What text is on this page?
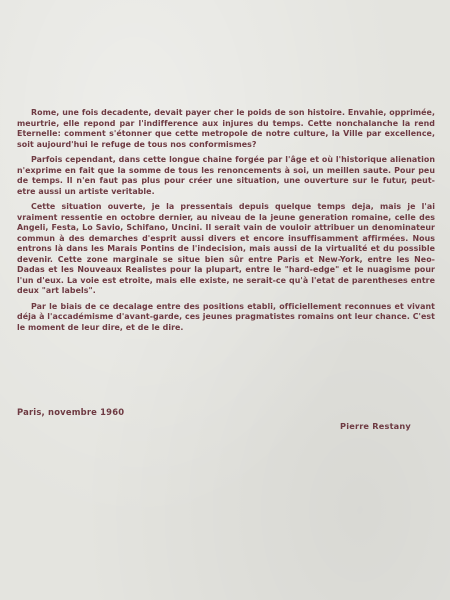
Rome, une fois decadente, devait payer cher le poids de son histoire. Envahie, opprimée, meurtrie, elle repond par l'indifference aux injures du temps. Cette nonchalanche la rend Eternelle: comment s'étonner que cette metropole de notre culture, la Ville par excellence, soit aujourd'hui le refuge de tous nos conformismes?

Parfois cependant, dans cette longue chaine forgée par l'âge et où l'historique alienation n'exprime en fait que la somme de tous les renoncements à soi, un meillen saute. Pour peu de temps. Il n'en faut pas plus pour créer une situation, une ouverture sur le futur, peut-etre aussi un artiste veritable.

Cette situation ouverte, je la pressentais depuis quelque temps deja, mais je l'ai vraiment ressentie en octobre dernier, au niveau de la jeune generation romaine, celle des Angeli, Festa, Lo Savio, Schifano, Uncini. Il serait vain de vouloir attribuer un denominateur commun à des demarches d'esprit aussi divers et encore insuffisamment affirmées. Nous entrons là dans les Marais Pontins de l'indecision, mais aussi de la virtualité et du possible devenir. Cette zone marginale se situe bien sûr entre Paris et New-York, entre les Neo-Dadas et les Nouveaux Realistes pour la plupart, entre le "hard-edge" et le nuagisme pour l'un d'eux. La voie est etroite, mais elle existe, ne serait-ce qu'à l'etat de parentheses entre deux "art labels".

Par le biais de ce decalage entre des positions etabli, officiellement reconnues et vivant déja à l'accadémisme d'avant-garde, ces jeunes pragmatistes romains ont leur chance. C'est le moment de leur dire, et de le dire.

Paris, novembre 1960
Pierre Restany
